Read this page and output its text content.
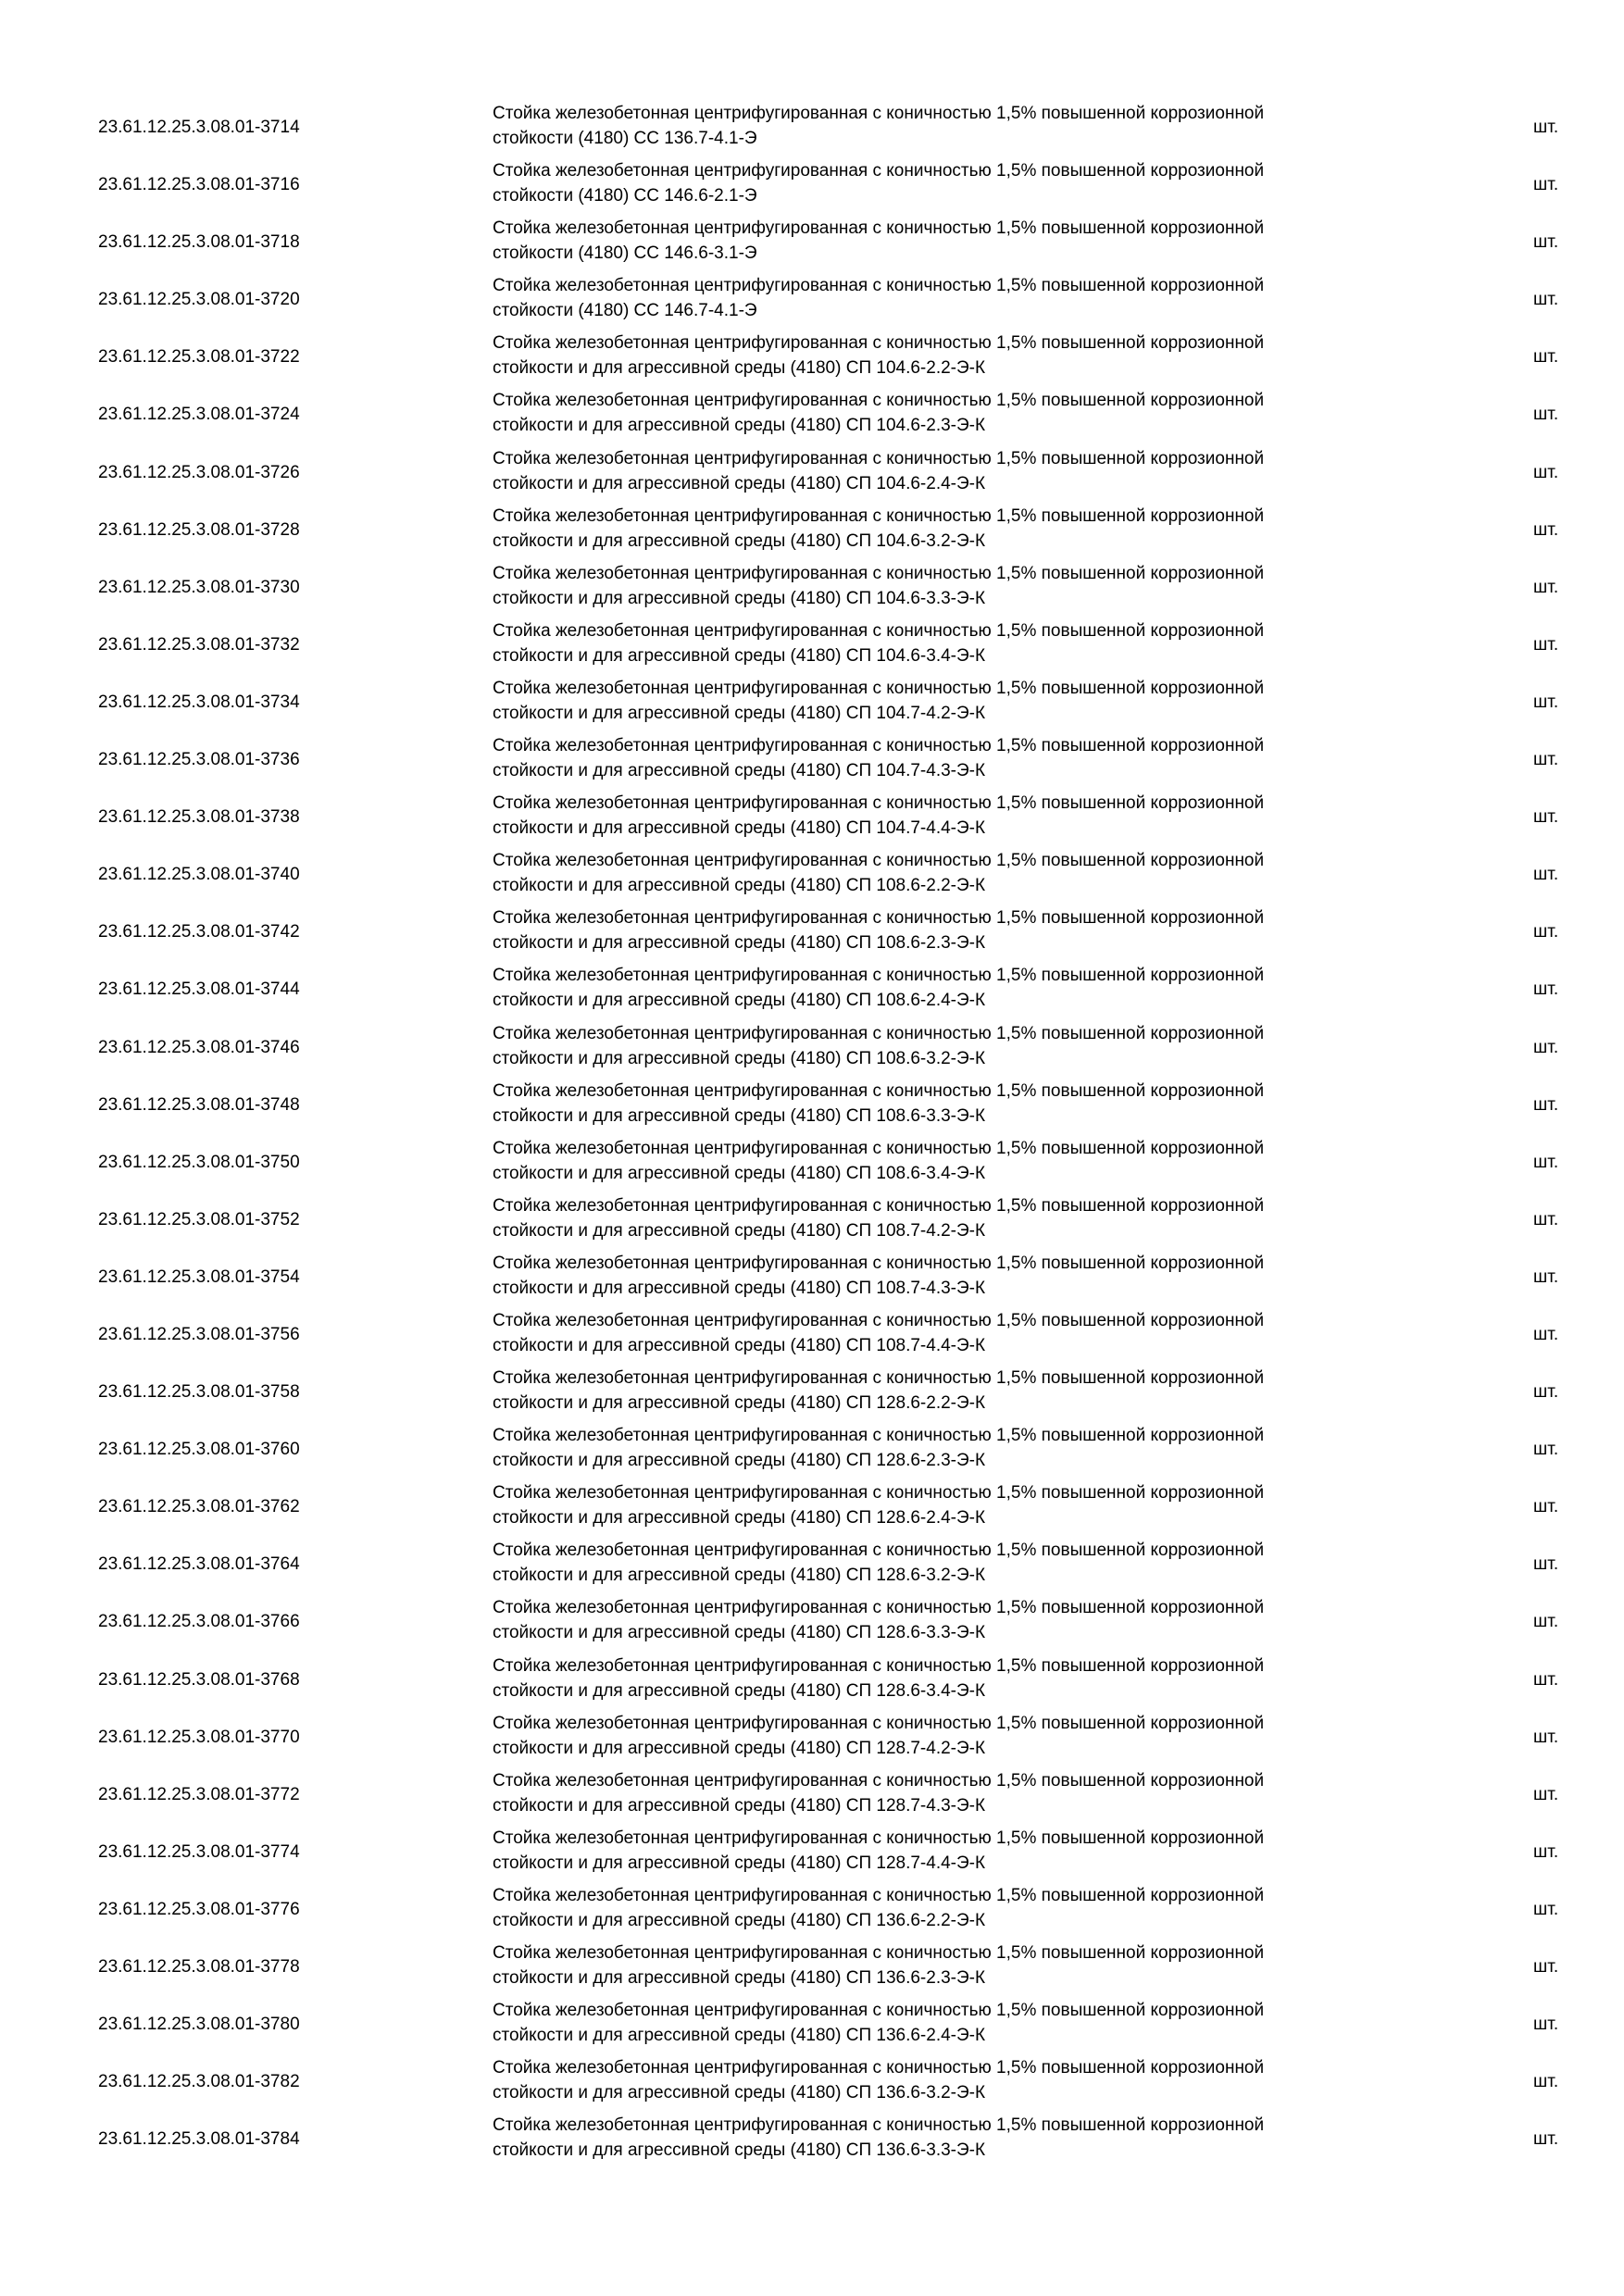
23.61.12.25.3.08.01-3714
Стойка железобетонная центрифугированная с коничностью 1,5% повышенной коррозионной
стойкости (4180) СС 136.7-4.1-Э
шт.
23.61.12.25.3.08.01-3716
Стойка железобетонная центрифугированная с коничностью 1,5% повышенной коррозионной
стойкости (4180) СС 146.6-2.1-Э
шт.
23.61.12.25.3.08.01-3718
Стойка железобетонная центрифугированная с коничностью 1,5% повышенной коррозионной
стойкости (4180) СС 146.6-3.1-Э
шт.
23.61.12.25.3.08.01-3720
Стойка железобетонная центрифугированная с коничностью 1,5% повышенной коррозионной
стойкости (4180) СС 146.7-4.1-Э
шт.
23.61.12.25.3.08.01-3722
Стойка железобетонная центрифугированная с коничностью 1,5% повышенной коррозионной
стойкости и для агрессивной среды (4180) СП 104.6-2.2-Э-К
шт.
23.61.12.25.3.08.01-3724
Стойка железобетонная центрифугированная с коничностью 1,5% повышенной коррозионной
стойкости и для агрессивной среды (4180) СП 104.6-2.3-Э-К
шт.
23.61.12.25.3.08.01-3726
Стойка железобетонная центрифугированная с коничностью 1,5% повышенной коррозионной
стойкости и для агрессивной среды (4180) СП 104.6-2.4-Э-К
шт.
23.61.12.25.3.08.01-3728
Стойка железобетонная центрифугированная с коничностью 1,5% повышенной коррозионной
стойкости и для агрессивной среды (4180) СП 104.6-3.2-Э-К
шт.
23.61.12.25.3.08.01-3730
Стойка железобетонная центрифугированная с коничностью 1,5% повышенной коррозионной
стойкости и для агрессивной среды (4180) СП 104.6-3.3-Э-К
шт.
23.61.12.25.3.08.01-3732
Стойка железобетонная центрифугированная с коничностью 1,5% повышенной коррозионной
стойкости и для агрессивной среды (4180) СП 104.6-3.4-Э-К
шт.
23.61.12.25.3.08.01-3734
Стойка железобетонная центрифугированная с коничностью 1,5% повышенной коррозионной
стойкости и для агрессивной среды (4180) СП 104.7-4.2-Э-К
шт.
23.61.12.25.3.08.01-3736
Стойка железобетонная центрифугированная с коничностью 1,5% повышенной коррозионной
стойкости и для агрессивной среды (4180) СП 104.7-4.3-Э-К
шт.
23.61.12.25.3.08.01-3738
Стойка железобетонная центрифугированная с коничностью 1,5% повышенной коррозионной
стойкости и для агрессивной среды (4180) СП 104.7-4.4-Э-К
шт.
23.61.12.25.3.08.01-3740
Стойка железобетонная центрифугированная с коничностью 1,5% повышенной коррозионной
стойкости и для агрессивной среды (4180) СП 108.6-2.2-Э-К
шт.
23.61.12.25.3.08.01-3742
Стойка железобетонная центрифугированная с коничностью 1,5% повышенной коррозионной
стойкости и для агрессивной среды (4180) СП 108.6-2.3-Э-К
шт.
23.61.12.25.3.08.01-3744
Стойка железобетонная центрифугированная с коничностью 1,5% повышенной коррозионной
стойкости и для агрессивной среды (4180) СП 108.6-2.4-Э-К
шт.
23.61.12.25.3.08.01-3746
Стойка железобетонная центрифугированная с коничностью 1,5% повышенной коррозионной
стойкости и для агрессивной среды (4180) СП 108.6-3.2-Э-К
шт.
23.61.12.25.3.08.01-3748
Стойка железобетонная центрифугированная с коничностью 1,5% повышенной коррозионной
стойкости и для агрессивной среды (4180) СП 108.6-3.3-Э-К
шт.
23.61.12.25.3.08.01-3750
Стойка железобетонная центрифугированная с коничностью 1,5% повышенной коррозионной
стойкости и для агрессивной среды (4180) СП 108.6-3.4-Э-К
шт.
23.61.12.25.3.08.01-3752
Стойка железобетонная центрифугированная с коничностью 1,5% повышенной коррозионной
стойкости и для агрессивной среды (4180) СП 108.7-4.2-Э-К
шт.
23.61.12.25.3.08.01-3754
Стойка железобетонная центрифугированная с коничностью 1,5% повышенной коррозионной
стойкости и для агрессивной среды (4180) СП 108.7-4.3-Э-К
шт.
23.61.12.25.3.08.01-3756
Стойка железобетонная центрифугированная с коничностью 1,5% повышенной коррозионной
стойкости и для агрессивной среды (4180) СП 108.7-4.4-Э-К
шт.
23.61.12.25.3.08.01-3758
Стойка железобетонная центрифугированная с коничностью 1,5% повышенной коррозионной
стойкости и для агрессивной среды (4180) СП 128.6-2.2-Э-К
шт.
23.61.12.25.3.08.01-3760
Стойка железобетонная центрифугированная с коничностью 1,5% повышенной коррозионной
стойкости и для агрессивной среды (4180) СП 128.6-2.3-Э-К
шт.
23.61.12.25.3.08.01-3762
Стойка железобетонная центрифугированная с коничностью 1,5% повышенной коррозионной
стойкости и для агрессивной среды (4180) СП 128.6-2.4-Э-К
шт.
23.61.12.25.3.08.01-3764
Стойка железобетонная центрифугированная с коничностью 1,5% повышенной коррозионной
стойкости и для агрессивной среды (4180) СП 128.6-3.2-Э-К
шт.
23.61.12.25.3.08.01-3766
Стойка железобетонная центрифугированная с коничностью 1,5% повышенной коррозионной
стойкости и для агрессивной среды (4180) СП 128.6-3.3-Э-К
шт.
23.61.12.25.3.08.01-3768
Стойка железобетонная центрифугированная с коничностью 1,5% повышенной коррозионной
стойкости и для агрессивной среды (4180) СП 128.6-3.4-Э-К
шт.
23.61.12.25.3.08.01-3770
Стойка железобетонная центрифугированная с коничностью 1,5% повышенной коррозионной
стойкости и для агрессивной среды (4180) СП 128.7-4.2-Э-К
шт.
23.61.12.25.3.08.01-3772
Стойка железобетонная центрифугированная с коничностью 1,5% повышенной коррозионной
стойкости и для агрессивной среды (4180) СП 128.7-4.3-Э-К
шт.
23.61.12.25.3.08.01-3774
Стойка железобетонная центрифугированная с коничностью 1,5% повышенной коррозионной
стойкости и для агрессивной среды (4180) СП 128.7-4.4-Э-К
шт.
23.61.12.25.3.08.01-3776
Стойка железобетонная центрифугированная с коничностью 1,5% повышенной коррозионной
стойкости и для агрессивной среды (4180) СП 136.6-2.2-Э-К
шт.
23.61.12.25.3.08.01-3778
Стойка железобетонная центрифугированная с коничностью 1,5% повышенной коррозионной
стойкости и для агрессивной среды (4180) СП 136.6-2.3-Э-К
шт.
23.61.12.25.3.08.01-3780
Стойка железобетонная центрифугированная с коничностью 1,5% повышенной коррозионной
стойкости и для агрессивной среды (4180) СП 136.6-2.4-Э-К
шт.
23.61.12.25.3.08.01-3782
Стойка железобетонная центрифугированная с коничностью 1,5% повышенной коррозионной
стойкости и для агрессивной среды (4180) СП 136.6-3.2-Э-К
шт.
23.61.12.25.3.08.01-3784
Стойка железобетонная центрифугированная с коничностью 1,5% повышенной коррозионной
стойкости и для агрессивной среды (4180) СП 136.6-3.3-Э-К
шт.
